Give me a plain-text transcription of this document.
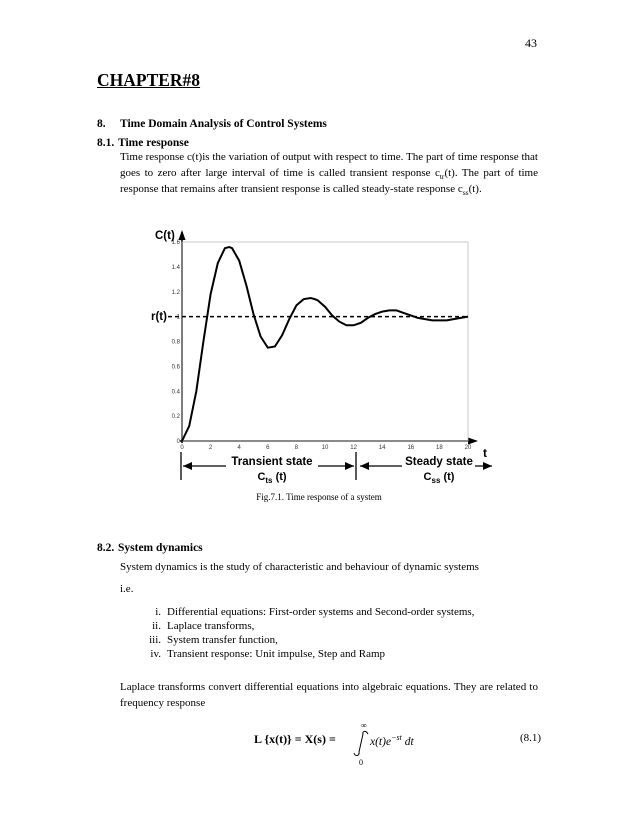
43
CHAPTER#8
8. Time Domain Analysis of Control Systems
8.1. Time response
Time response c(t)is the variation of output with respect to time. The part of time response that goes to zero after large interval of time is called transient response $c_{tr}(t)$. The part of time response that remains after transient response is called steady-state response $c_{ss}(t)$.
0	2	4	6	8	10	12	14	16	18	20
0
0.2
0.4
0.6
0.8
1
1.2
1.4
1.6
C(t)
r(t)
t
Transient state
$C_{ts}$ (t)
Steady state
$C_{ss}$ (t)
Fig.7.1. Time response of a system
8.2. System dynamics
System dynamics is the study of characteristic and behaviour of dynamic systems
i.e.
i. Differential equations: First-order systems and Second-order systems,
ii. Laplace transforms,
iii. System transfer function,
iv. Transient response: Unit impulse, Step and Ramp
Laplace transforms convert differential equations into algebraic equations. They are related to frequency response
L {x(t)} = X(s) =
∞
0
$x(t)e^{-st}$ dt	(8.1)
